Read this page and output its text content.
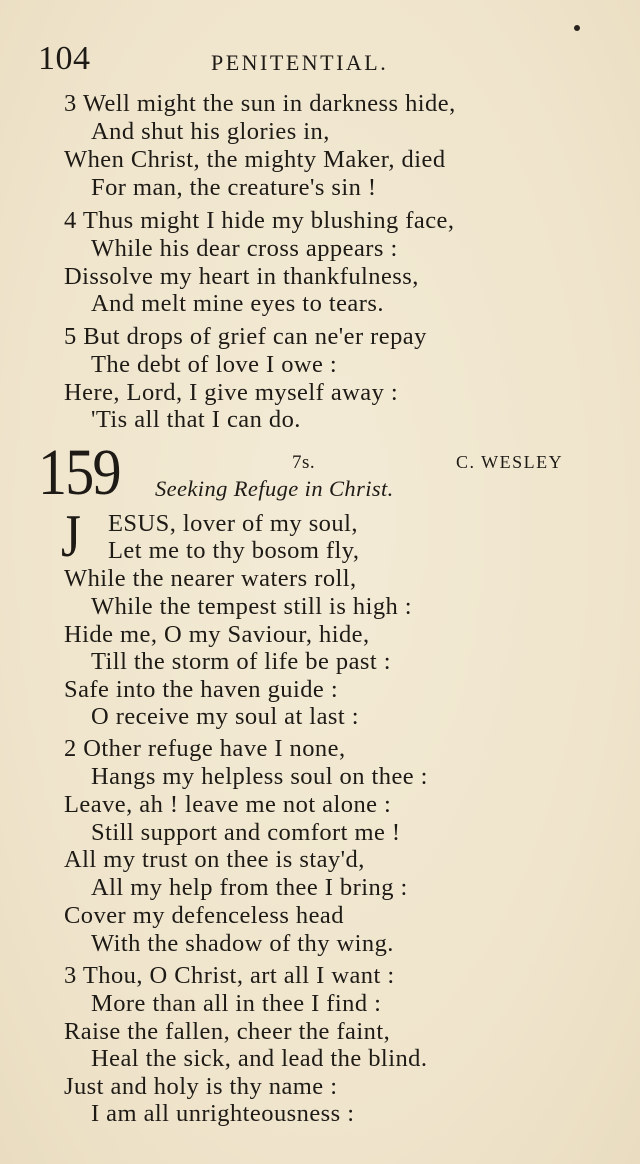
104	PENITENTIAL.
3 Well might the sun in darkness hide,
And shut his glories in,
When Christ, the mighty Maker, died
For man, the creature's sin !
4 Thus might I hide my blushing face,
While his dear cross appears :
Dissolve my heart in thankfulness,
And melt mine eyes to tears.
5 But drops of grief can ne'er repay
The debt of love I owe :
Here, Lord, I give myself away :
'Tis all that I can do.
159	7s.	C. WESLEY
Seeking Refuge in Christ.
J ESUS, lover of my soul,
Let me to thy bosom fly,
While the nearer waters roll,
While the tempest still is high :
Hide me, O my Saviour, hide,
Till the storm of life be past :
Safe into the haven guide :
O receive my soul at last :
2 Other refuge have I none,
Hangs my helpless soul on thee :
Leave, ah ! leave me not alone :
Still support and comfort me !
All my trust on thee is stay'd,
All my help from thee I bring :
Cover my defenceless head
With the shadow of thy wing.
3 Thou, O Christ, art all I want :
More than all in thee I find :
Raise the fallen, cheer the faint,
Heal the sick, and lead the blind.
Just and holy is thy name :
I am all unrighteousness :
